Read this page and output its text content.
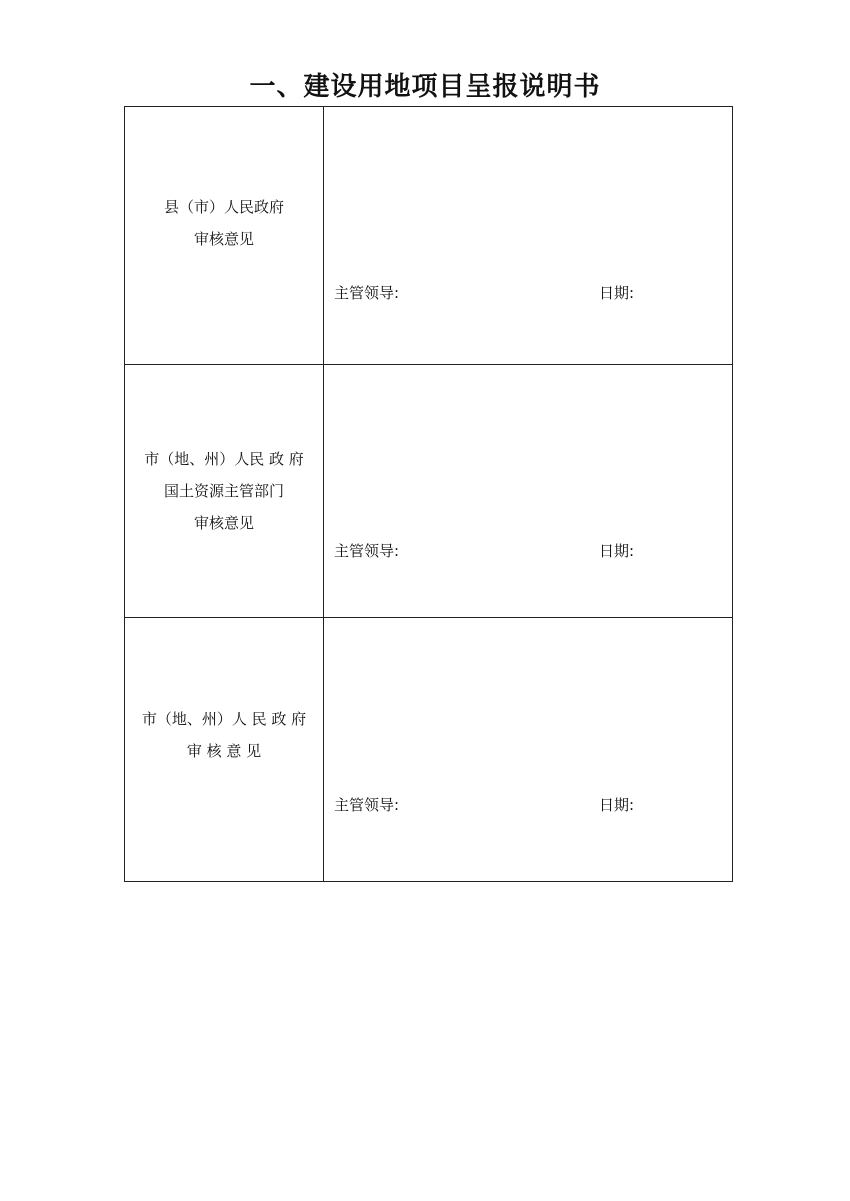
一、建设用地项目呈报说明书
县（市）人民政府
审核意见
主管领导:	日期:
市（地、州）人民 政 府
国土资源主管部门
审核意见
主管领导:	日期:
市（地、州）人 民 政 府
审 核 意 见
主管领导:	日期:
